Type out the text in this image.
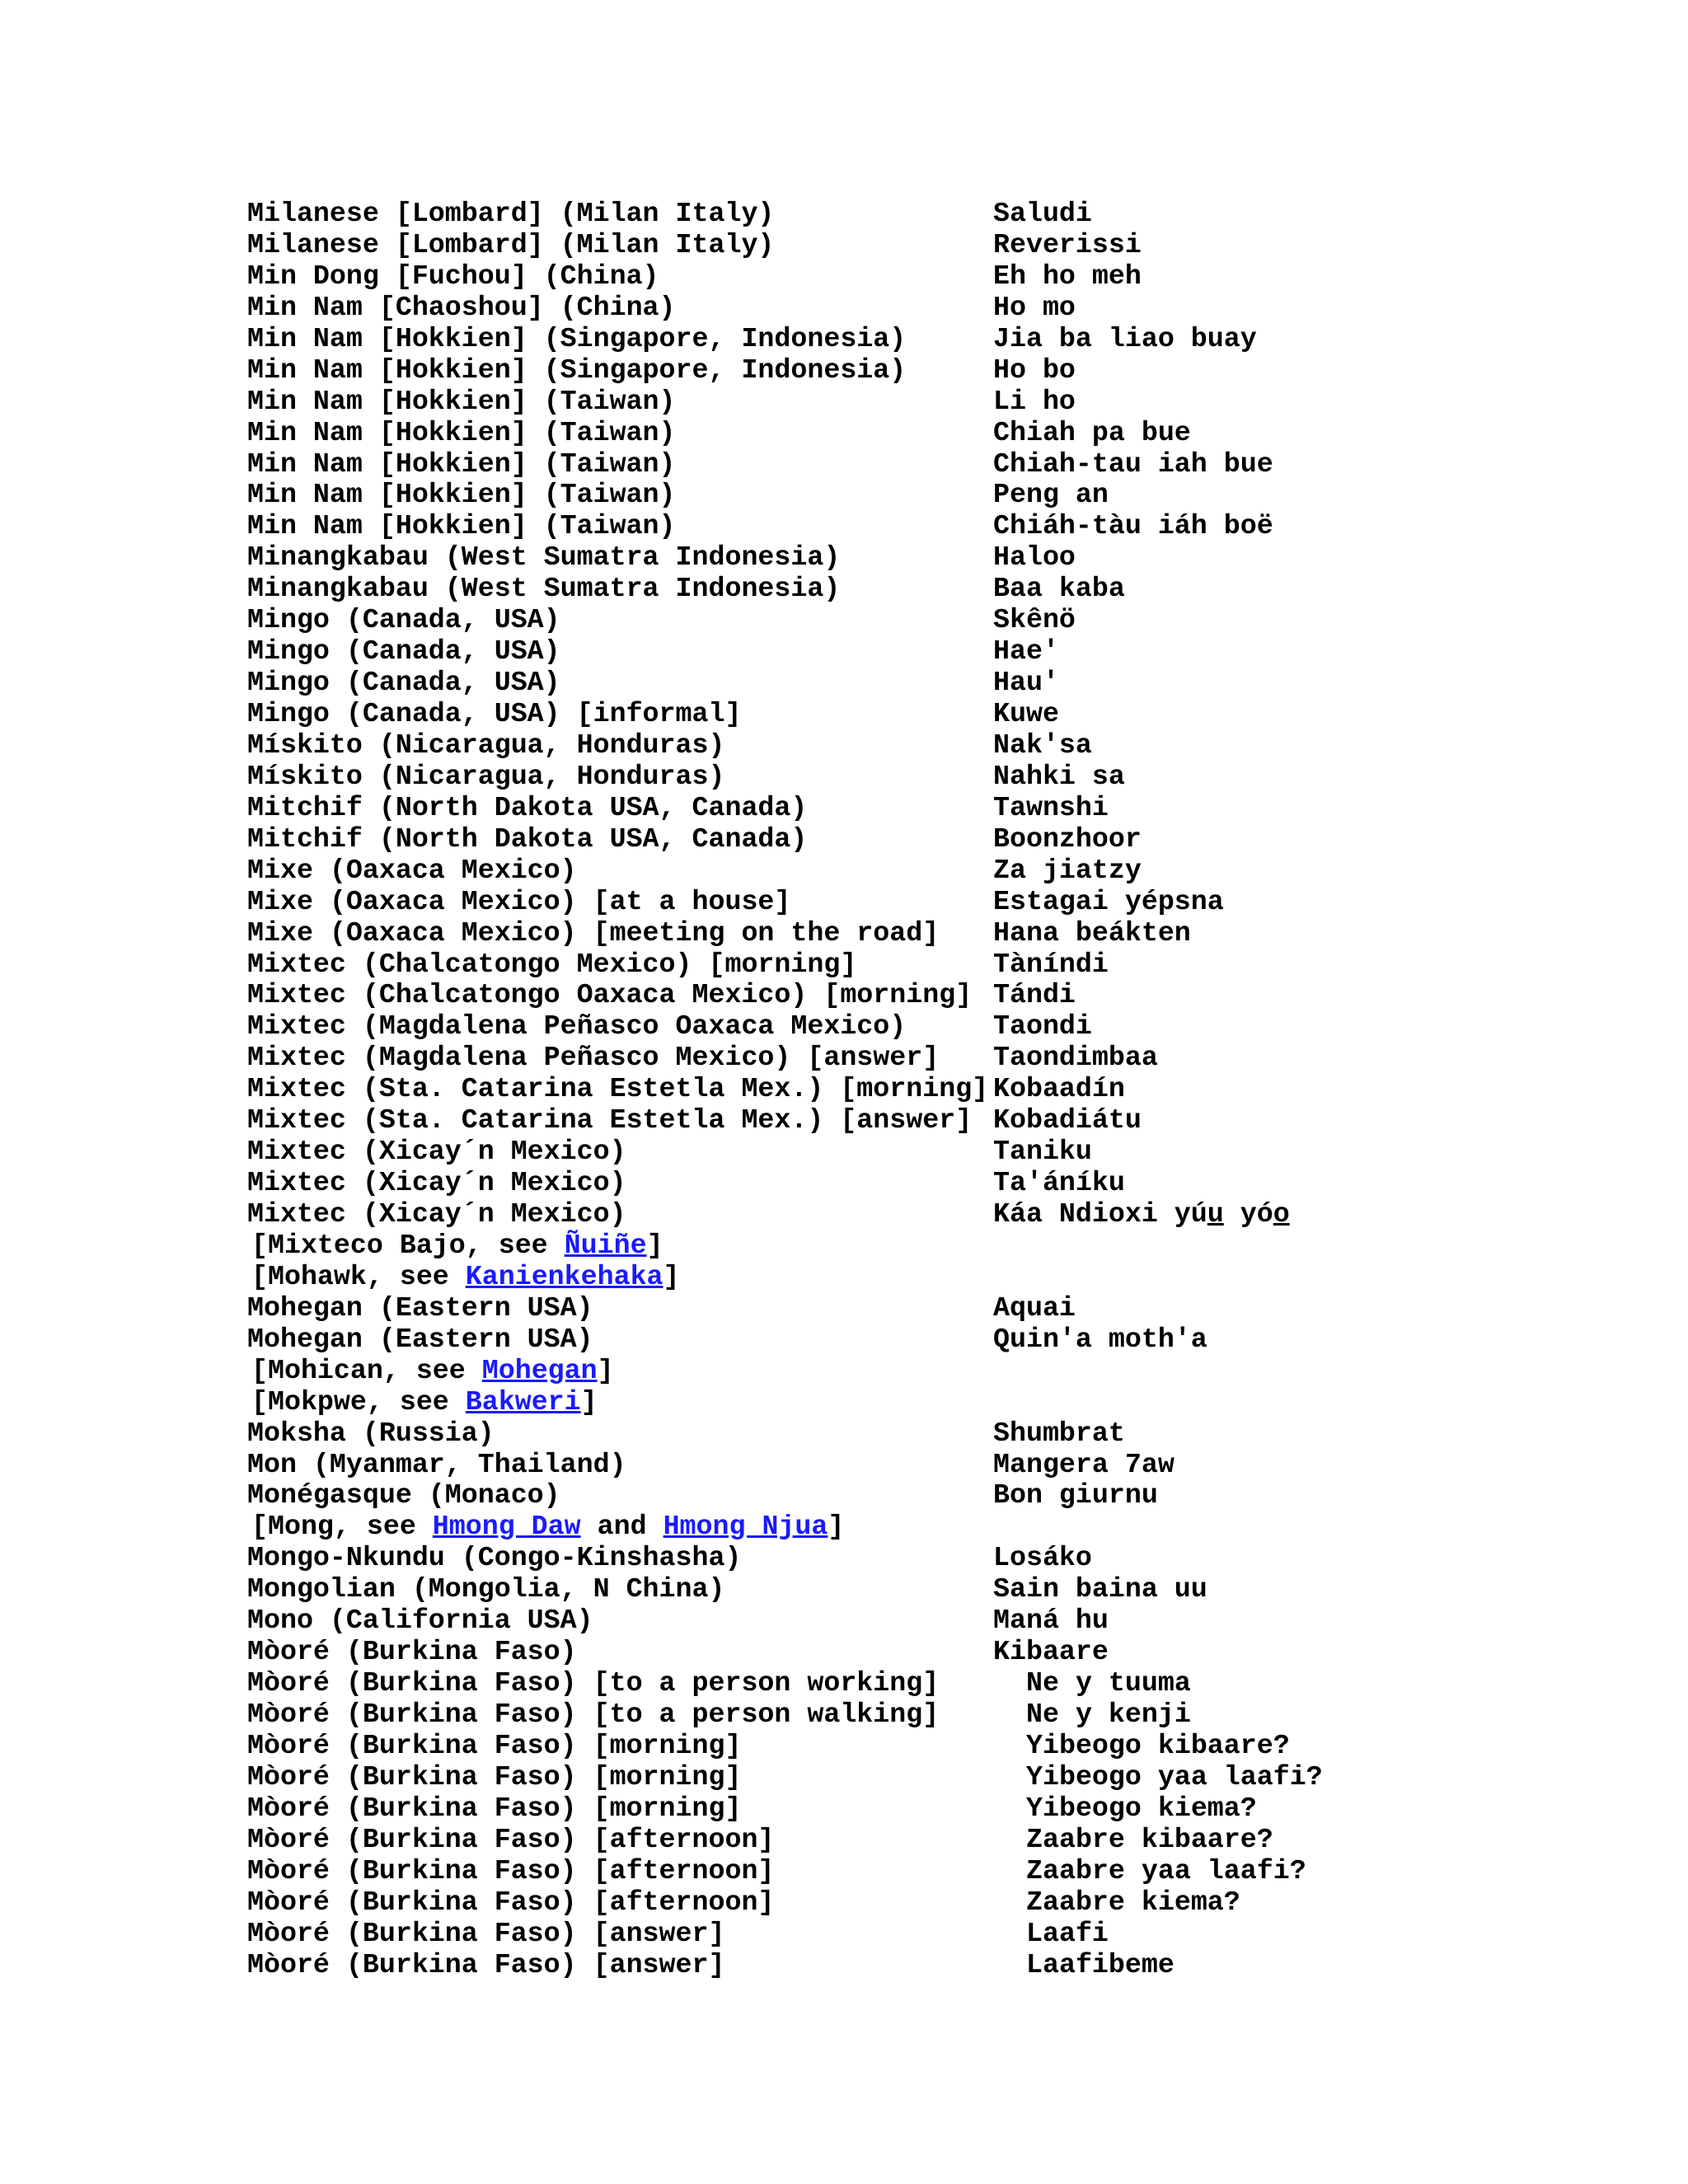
Milanese [Lombard] (Milan Italy)	Saludi
Milanese [Lombard] (Milan Italy)	Reverissi
Min Dong [Fuchou] (China)	Eh ho meh
Min Nam [Chaoshou] (China)	Ho mo
Min Nam [Hokkien] (Singapore, Indonesia)	Jia ba liao buay
Min Nam [Hokkien] (Singapore, Indonesia)	Ho bo
Min Nam [Hokkien] (Taiwan)	Li ho
Min Nam [Hokkien] (Taiwan)	Chiah pa bue
Min Nam [Hokkien] (Taiwan)	Chiah-tau iah bue
Min Nam [Hokkien] (Taiwan)	Peng an
Min Nam [Hokkien] (Taiwan)	Chiáh-tàu iáh boë
Minangkabau (West Sumatra Indonesia)	Haloo
Minangkabau (West Sumatra Indonesia)	Baa kaba
Mingo (Canada, USA)	Skênö
Mingo (Canada, USA)	Hae'
Mingo (Canada, USA)	Hau'
Mingo (Canada, USA) [informal]	Kuwe
Mískito (Nicaragua, Honduras)	Nak'sa
Mískito (Nicaragua, Honduras)	Nahki sa
Mitchif (North Dakota USA, Canada)	Tawnshi
Mitchif (North Dakota USA, Canada)	Boonzhoor
Mixe (Oaxaca Mexico)	Za jiatzy
Mixe (Oaxaca Mexico) [at a house]	Estagai yépsna
Mixe (Oaxaca Mexico) [meeting on the road] Hana beákten
Mixtec (Chalcatongo Mexico) [morning]	Tàníndi
Mixtec (Chalcatongo Oaxaca Mexico) [morning] Tándi
Mixtec (Magdalena Peñasco Oaxaca Mexico)	Taondi
Mixtec (Magdalena Peñasco Mexico) [answer] Taondimbaa
Mixtec (Sta. Catarina Estetla Mex.) [morning] Kobaadín
Mixtec (Sta. Catarina Estetla Mex.) [answer] Kobadiátu
Mixtec (Xicay´n Mexico)	Taniku
Mixtec (Xicay´n Mexico)	Ta'áníku
Mixtec (Xicay´n Mexico)	Káa Ndioxi yúu yóo
[Mixteco Bajo, see Ñuiñe]
[Mohawk, see Kanienkehaka]
Mohegan (Eastern USA)	Aquai
Mohegan (Eastern USA)	Quin'a moth'a
[Mohican, see Mohegan]
[Mokpwe, see Bakweri]
Moksha (Russia)	Shumbrat
Mon (Myanmar, Thailand)	Mangera 7aw
Monégasque (Monaco)	Bon giurnu
[Mong, see Hmong Daw and Hmong Njua]
Mongo-Nkundu (Congo-Kinshasha)	Losáko
Mongolian (Mongolia, N China)	Sain baina uu
Mono (California USA)	Maná hu
Mòoré (Burkina Faso)	Kibaare
Mòoré (Burkina Faso) [to a person working]	Ne y tuuma
Mòoré (Burkina Faso) [to a person walking]	Ne y kenji
Mòoré (Burkina Faso) [morning]	Yibeogo kibaare?
Mòoré (Burkina Faso) [morning]	Yibeogo yaa laafi?
Mòoré (Burkina Faso) [morning]	Yibeogo kiema?
Mòoré (Burkina Faso) [afternoon]	Zaabre kibaare?
Mòoré (Burkina Faso) [afternoon]	Zaabre yaa laafi?
Mòoré (Burkina Faso) [afternoon]	Zaabre kiema?
Mòoré (Burkina Faso) [answer]	Laafi
Mòoré (Burkina Faso) [answer]	Laafibeme
